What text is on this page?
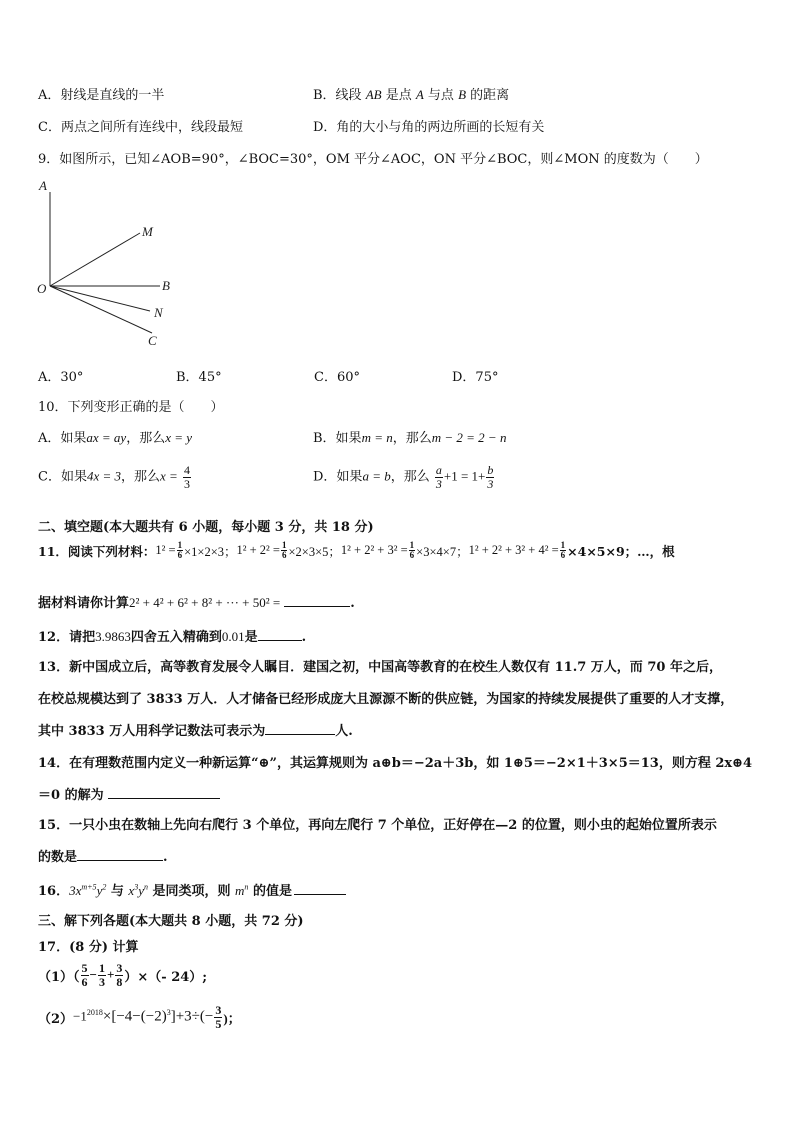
A．射线是直线的一半	B．线段 AB 是点 A 与点 B 的距离
C．两点之间所有连线中，线段最短	D．角的大小与角的两边所画的长短有关
9．如图所示，已知∠AOB=90°，∠BOC=30°，OM 平分∠AOC，ON 平分∠BOC，则∠MON 的度数为（　　）
A
M
O	B
N
C
A．30°	B．45°	C．60°	D．75°
10．下列变形正确的是（　　）
A．如果ax = ay，那么x = y	B．如果m = n，那么m − 2 = 2 − n
C．如果4x = 3，那么$x = \frac{4}{3}$	D．如果a = b，那么 $\frac{a}{3} +1 = 1+ \frac{b}{3}$
二、填空题(本大题共有 6 小题，每小题 3 分，共 18 分)
11．阅读下列材料： $1^2 = \frac{1}{6} \times 1\times 2\times 3$； $1^2 + 2^2 = \frac{1}{6} \times 2\times 3\times 5$； $1^2 + 2^2 + 3^2 = \frac{1}{6} \times 3\times 4\times 7$； $1^2 + 2^2 + 3^2 + 4^2 = \frac{1}{6} \times 4\times 5\times 9$；…，根
据材料请你计算2² + 4² + 6² + 8² + ··· + 50² =	.
12．请把3.9863四舍五入精确到0.01是	.
13．新中国成立后，高等教育发展令人瞩目．建国之初，中国高等教育的在校生人数仅有 11.7 万人，而 70 年之后，
在校总规模达到了 3833 万人．人才储备已经形成庞大且源源不断的供应链，为国家的持续发展提供了重要的人才支撑，
其中 3833 万人用科学记数法可表示为	人.
14．在有理数范围内定义一种新运算“⊕”，其运算规则为 a⊕b＝−2a＋3b，如 1⊕5＝−2×1＋3×5＝13，则方程 2x⊕4
＝0 的解为
15．一只小虫在数轴上先向右爬行 3 个单位，再向左爬行 7 个单位，正好停在—2 的位置，则小虫的起始位置所表示
的数是	.
16．$3x^{m+5}y^2$ 与 $x^3y^n$ 是同类项，则 $m^n$ 的值是
三、解下列各题(本大题共 8 小题，共 72 分)
17．(8 分) 计算
$(1)( \frac{5}{6} - \frac{1}{3} + \frac{3}{8}$ ）×（- 24）;
$(2) -1^{2018}\times[-4-(-2)^3]+3\div(- \frac{3}{5}$ )；
